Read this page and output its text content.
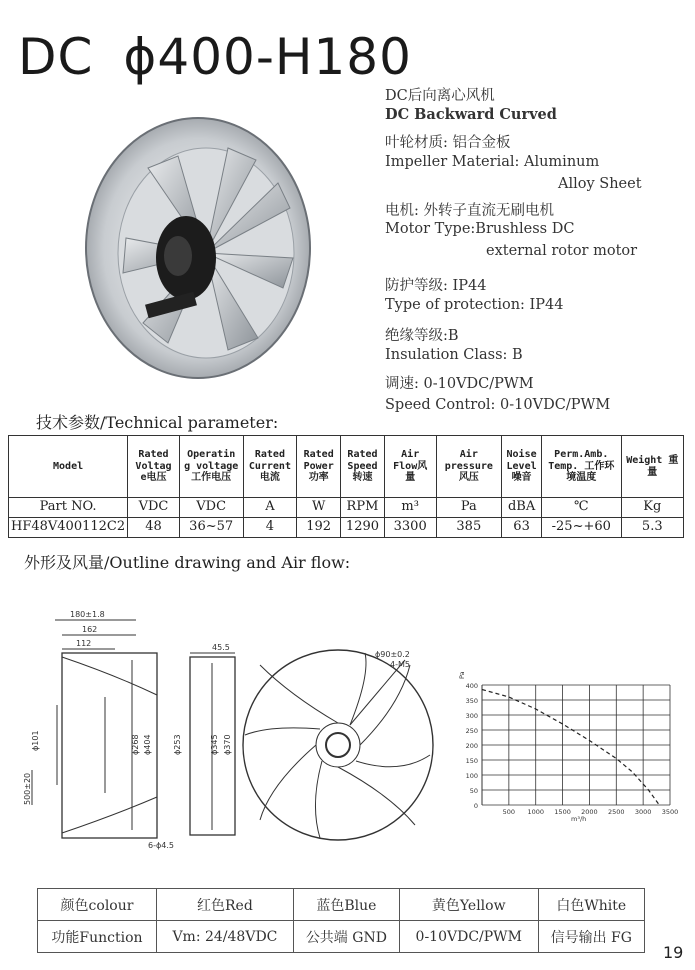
DC ϕ400-H180
DC后向离心风机
DC Backward Curved
叶轮材质: 铝合金板
Impeller Material: Aluminum
Alloy Sheet
电机: 外转子直流无刷电机
Motor Type:Brushless DC
external rotor motor
防护等级: IP44
Type of protection: IP44
绝缘等级:B
Insulation Class: B
调速: 0-10VDC/PWM
Speed Control: 0-10VDC/PWM
技术参数/Technical parameter:
Model	Rated Voltag e电压	Operatin g voltage 工作电压	Rated Current 电流	Rated Power 功率	Rated Speed 转速	Air Flow风 量	Air pressure 风压	Noise Level 噪音	Perm.Amb. Temp. 工作环境温度	Weight 重量
Part NO.	VDC	VDC	A	W	RPM	m³	Pa	dBA	℃	Kg
HF48V400112C2	48	36~57	4	192	1290	3300	385	63	-25~+60	5.3
外形及风量/Outline drawing and Air flow:
180±1.8
162
112
ϕ101	ϕ268 ϕ404
500±20
45.5
ϕ253	ϕ345 ϕ370
6-ϕ4.5
ϕ90±0.2
4-M5
0
50
100
150
200
250
300
350
400
500 1000 1500 2000 2500 3000 3500
Pa
m³/h
颜色colour	红色Red	蓝色Blue	黄色Yellow	白色White
功能Function	Vm: 24/48VDC	公共端 GND	0-10VDC/PWM	信号输出 FG
19
